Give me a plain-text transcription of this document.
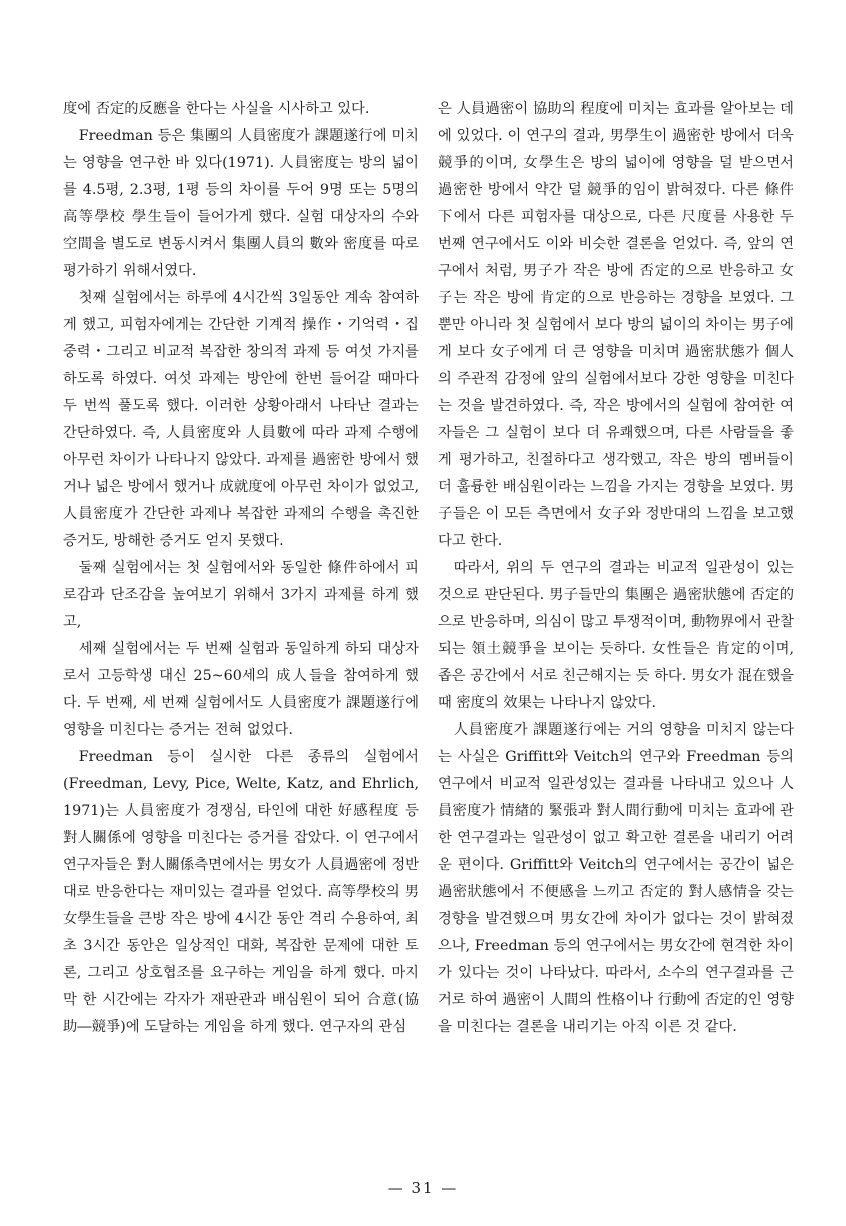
度에 否定的反應을 한다는 사실을 시사하고 있다.

Freedman 등은 集團의 人員密度가 課題遂行에 미치는 영향을 연구한 바 있다(1971). 人員密度는 방의 넓이를 4.5평, 2.3평, 1평 등의 차이를 두어 9명 또는 5명의 高等學校 學生들이 들어가게 했다. 실험 대상자의 수와 空間을 별도로 변동시켜서 集團人員의 數와 密度를 따로 평가하기 위해서였다.

첫째 실험에서는 하루에 4시간씩 3일동안 계속 참여하게 했고, 피험자에게는 간단한 기계적 操作・기억력・집중력・그리고 비교적 복잡한 창의적 과제 등 여섯 가지를 하도록 하였다. 여섯 과제는 방안에 한번 들어갈 때마다 두 번씩 풀도록 했다. 이러한 상황아래서 나타난 결과는 간단하였다. 즉, 人員密度와 人員數에 따라 과제 수행에 아무런 차이가 나타나지 않았다. 과제를 過密한 방에서 했거나 넓은 방에서 했거나 成就度에 아무런 차이가 없었고, 人員密度가 간단한 과제나 복잡한 과제의 수행을 촉진한 증거도, 방해한 증거도 얻지 못했다.

둘째 실험에서는 첫 실험에서와 동일한 條件하에서 피로감과 단조감을 높여보기 위해서 3가지 과제를 하게 했고,

세째 실험에서는 두 번째 실험과 동일하게 하되 대상자로서 고등학생 대신 25~60세의 成人들을 참여하게 했다. 두 번째, 세 번째 실험에서도 人員密度가 課題遂行에 영향을 미친다는 증거는 전혀 없었다.

Freedman 등이 실시한 다른 종류의 실험에서 (Freedman, Levy, Pice, Welte, Katz, and Ehrlich, 1971)는 人員密度가 경쟁심, 타인에 대한 好感程度 등 對人關係에 영향을 미친다는 증거를 잡았다. 이 연구에서 연구자들은 對人關係측면에서는 男女가 人員過密에 정반대로 반응한다는 재미있는 결과를 얻었다. 高等學校의 男女學生들을 큰방 작은 방에 4시간 동안 격리 수용하여, 최초 3시간 동안은 일상적인 대화, 복잡한 문제에 대한 토론, 그리고 상호협조를 요구하는 게임을 하게 했다. 마지막 한 시간에는 각자가 재판관과 배심원이 되어 合意(協助―競爭)에 도달하는 게임을 하게 했다. 연구자의 관심

은 人員過密이 協助의 程度에 미치는 효과를 알아보는 데에 있었다. 이 연구의 결과, 男學生이 過密한 방에서 더욱 競爭的이며, 女學生은 방의 넓이에 영향을 덜 받으면서 過密한 방에서 약간 덜 競爭的임이 밝혀졌다. 다른 條件下에서 다른 피험자를 대상으로, 다른 尺度를 사용한 두 번째 연구에서도 이와 비슷한 결론을 얻었다. 즉, 앞의 연구에서 처럼, 男子가 작은 방에 否定的으로 반응하고 女子는 작은 방에 肯定的으로 반응하는 경향을 보였다. 그 뿐만 아니라 첫 실험에서 보다 방의 넓이의 차이는 男子에게 보다 女子에게 더 큰 영향을 미치며 過密狀態가 個人의 주관적 감정에 앞의 실험에서보다 강한 영향을 미친다는 것을 발견하였다. 즉, 작은 방에서의 실험에 참여한 여자들은 그 실험이 보다 더 유쾌했으며, 다른 사람들을 좋게 평가하고, 친절하다고 생각했고, 작은 방의 멤버들이 더 훌륭한 배심원이라는 느낌을 가지는 경향을 보였다. 男子들은 이 모든 측면에서 女子와 정반대의 느낌을 보고했다고 한다.

따라서, 위의 두 연구의 결과는 비교적 일관성이 있는 것으로 판단된다. 男子들만의 集團은 過密狀態에 否定的으로 반응하며, 의심이 많고 투쟁적이며, 動物界에서 관찰되는 領土競爭을 보이는 듯하다. 女性들은 肯定的이며, 좁은 공간에서 서로 친근해지는 듯 하다. 男女가 混在했을 때 密度의 效果는 나타나지 않았다.

人員密度가 課題遂行에는 거의 영향을 미치지 않는다는 사실은 Griffitt와 Veitch의 연구와 Freedman 등의 연구에서 비교적 일관성있는 결과를 나타내고 있으나 人員密度가 情緖的 緊張과 對人間行動에 미치는 효과에 관한 연구결과는 일관성이 없고 확고한 결론을 내리기 어려운 편이다. Griffitt와 Veitch의 연구에서는 공간이 넓은 過密狀態에서 不便感을 느끼고 否定的 對人感情을 갖는 경향을 발견했으며 男女간에 차이가 없다는 것이 밝혀졌으나, Freedman 등의 연구에서는 男女간에 현격한 차이가 있다는 것이 나타났다. 따라서, 소수의 연구결과를 근거로 하여 過密이 人間의 性格이나 行動에 否定的인 영향을 미친다는 결론을 내리기는 아직 이른 것 같다.

— 31 —
